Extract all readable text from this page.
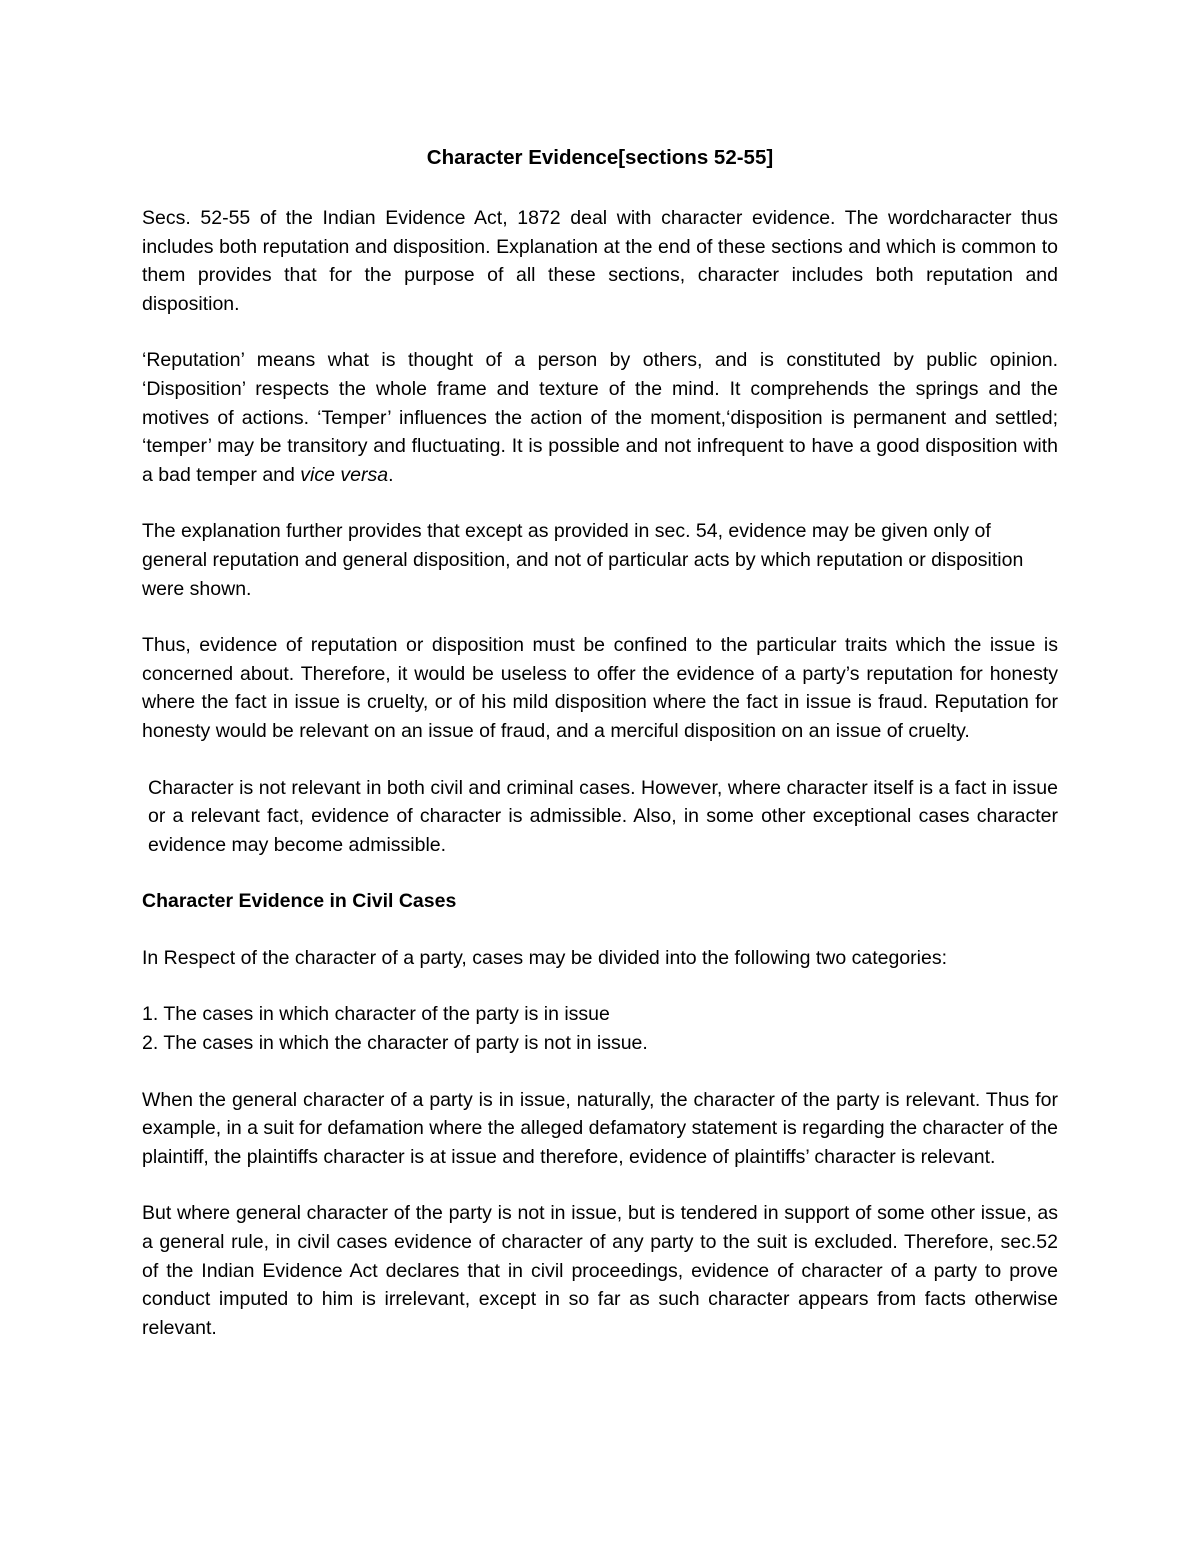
Character Evidence[sections 52-55]
Secs. 52-55 of the Indian Evidence Act, 1872 deal with character evidence. The wordcharacter thus includes both reputation and disposition. Explanation at the end of these sections and which is common to them provides that for the purpose of all these sections, character includes both reputation and disposition.
‘Reputation’ means what is thought of a person by others, and is constituted by public opinion. ‘Disposition’ respects the whole frame and texture of the mind. It comprehends the springs and the motives of actions. ‘Temper’ influences the action of the moment,‘disposition is permanent and settled; ‘temper’ may be transitory and fluctuating. It is possible and not infrequent to have a good disposition with a bad temper and vice versa.
The explanation further provides that except as provided in sec. 54, evidence may be given only of general reputation and general disposition, and not of particular acts by which reputation or disposition were shown.
Thus, evidence of reputation or disposition must be confined to the particular traits which the issue is concerned about. Therefore, it would be useless to offer the evidence of a party’s reputation for honesty where the fact in issue is cruelty, or of his mild disposition where the fact in issue is fraud. Reputation for honesty would be relevant on an issue of fraud, and a merciful disposition on an issue of cruelty.
Character is not relevant in both civil and criminal cases. However, where character itself is a fact in issue or a relevant fact, evidence of character is admissible. Also, in some other exceptional cases character evidence may become admissible.
Character Evidence in Civil Cases
In Respect of the character of a party, cases may be divided into the following two categories:
1. The cases in which character of the party is in issue
2. The cases in which the character of party is not in issue.
When the general character of a party is in issue, naturally, the character of the party is relevant. Thus for example, in a suit for defamation where the alleged defamatory statement is regarding the character of the plaintiff, the plaintiffs character is at issue and therefore, evidence of plaintiffs’ character is relevant.
But where general character of the party is not in issue, but is tendered in support of some other issue, as a general rule, in civil cases evidence of character of any party to the suit is excluded. Therefore, sec.52 of the Indian Evidence Act declares that in civil proceedings, evidence of character of a party to prove conduct imputed to him is irrelevant, except in so far as such character appears from facts otherwise relevant.
